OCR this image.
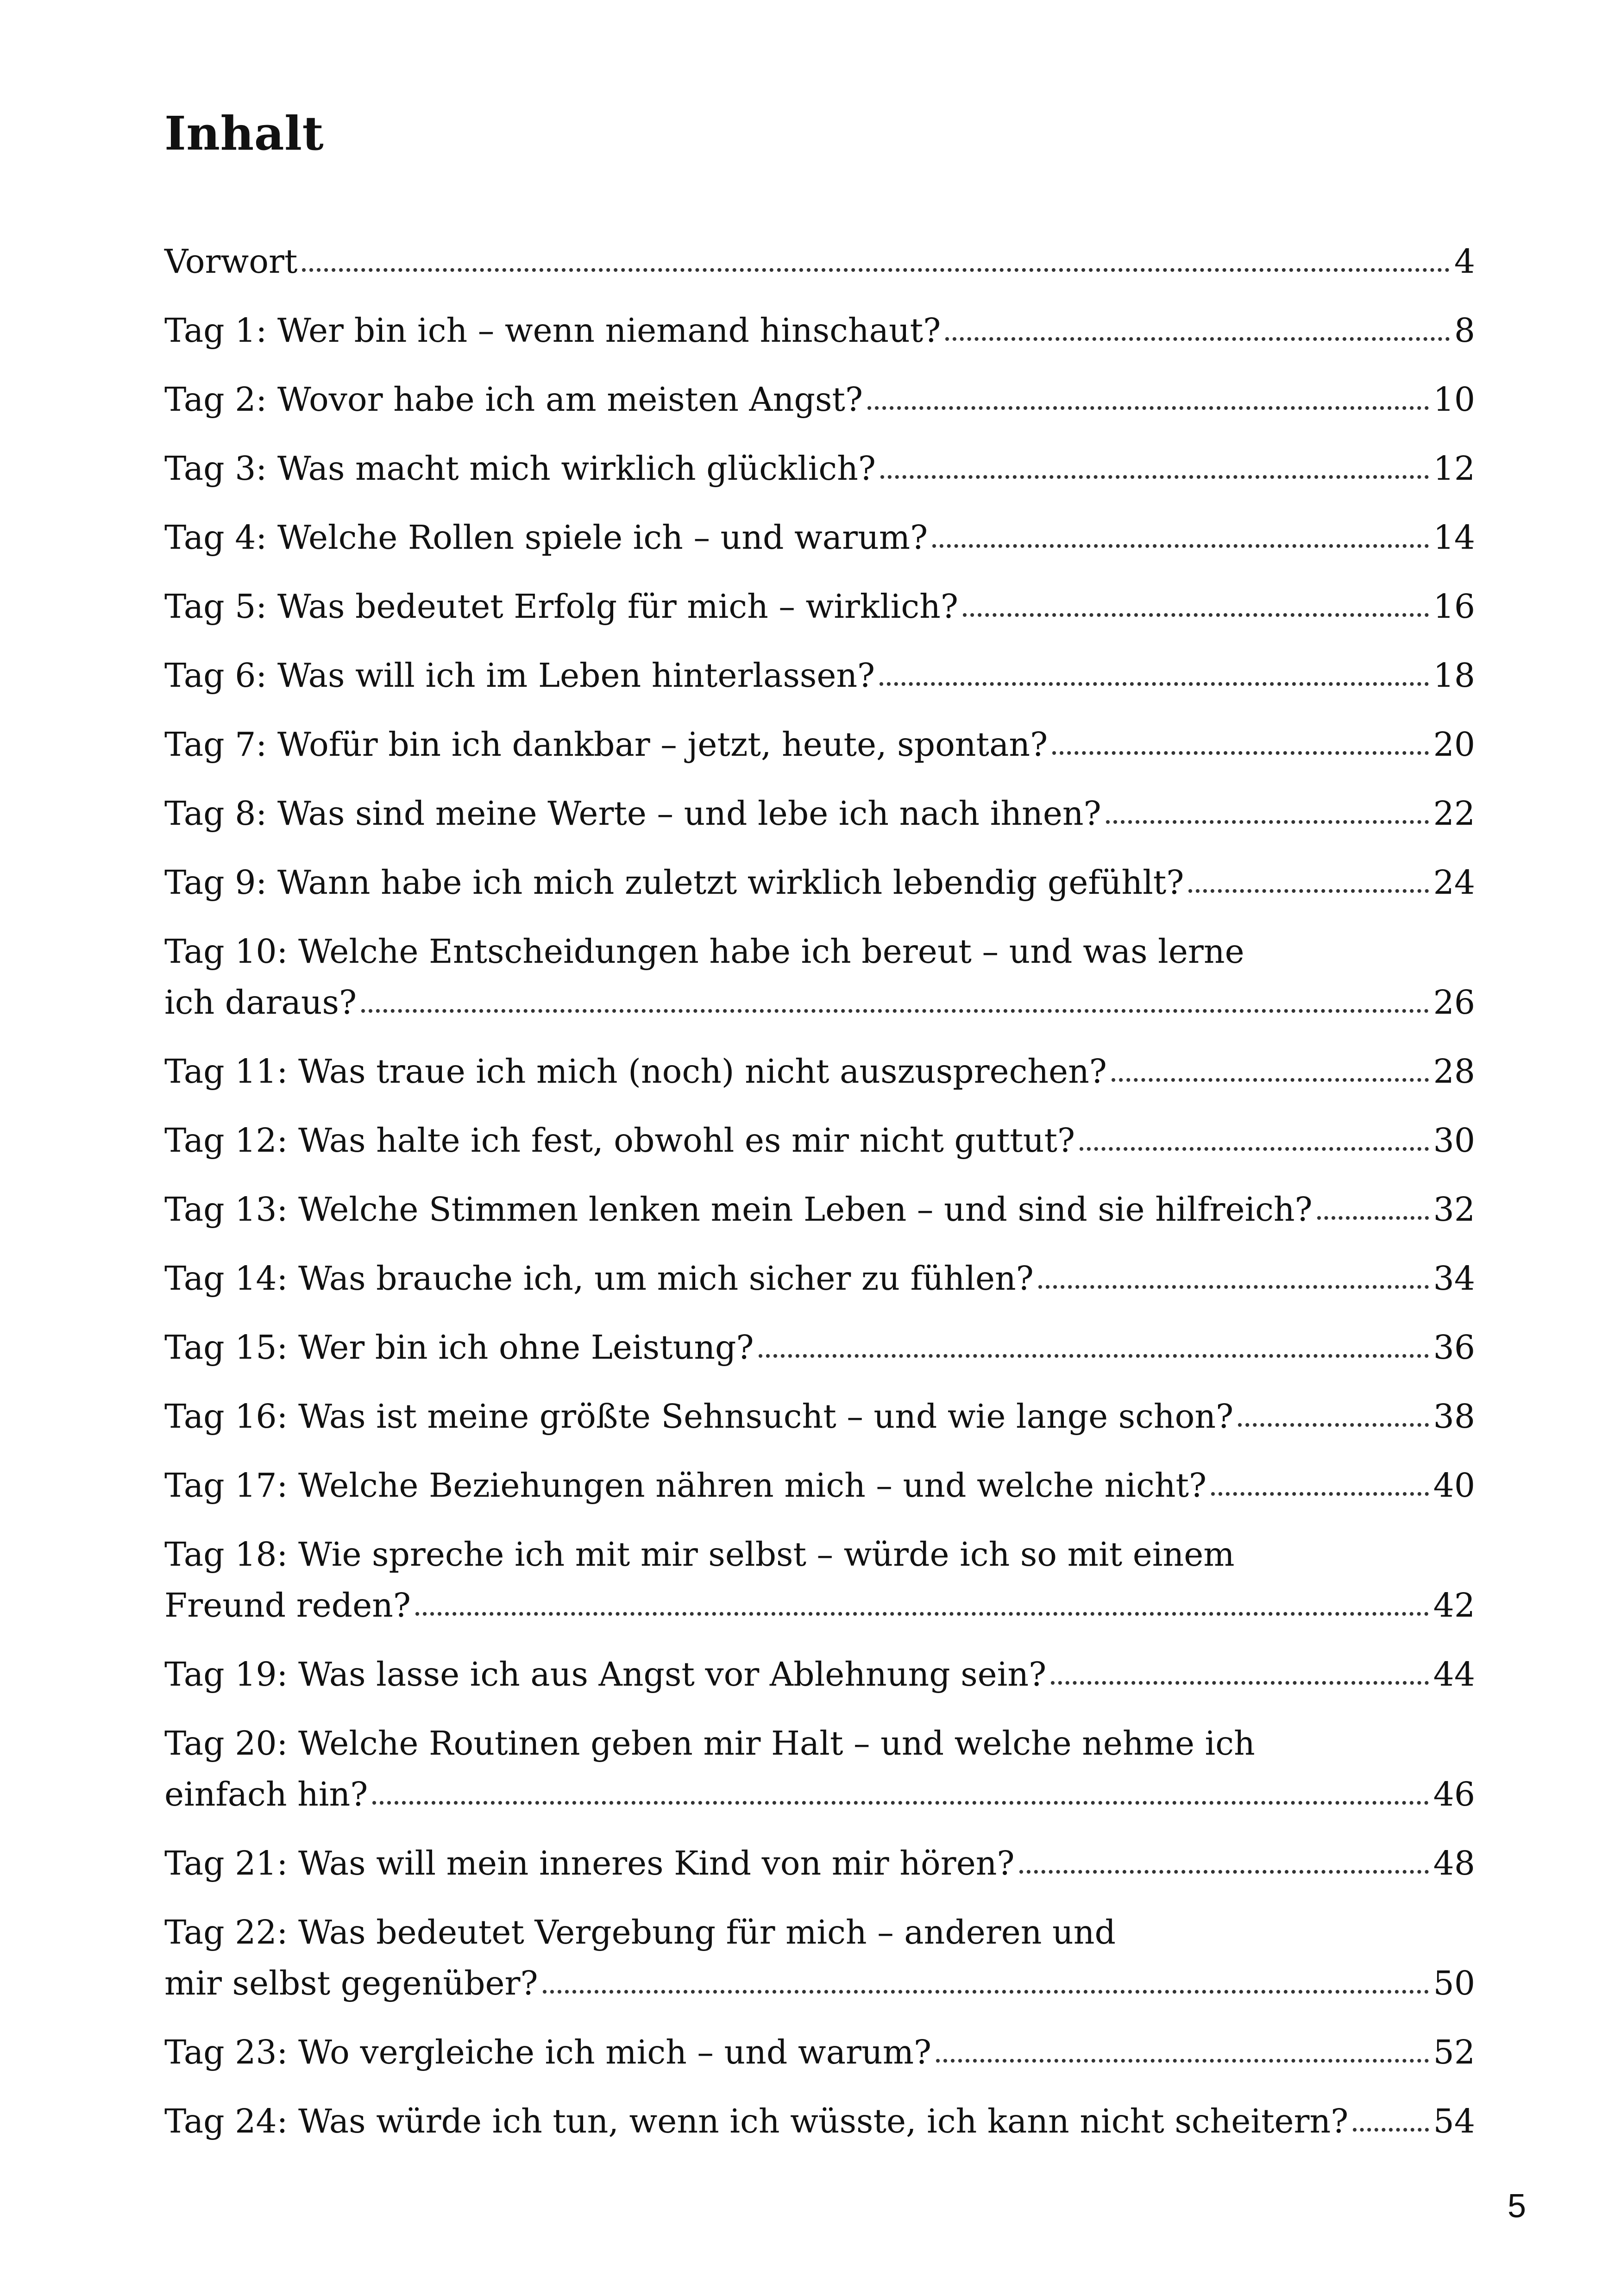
Inhalt
Vorwort	4
Tag 1: Wer bin ich – wenn niemand hinschaut?	8
Tag 2: Wovor habe ich am meisten Angst?	10
Tag 3: Was macht mich wirklich glücklich?	12
Tag 4: Welche Rollen spiele ich – und warum?	14
Tag 5: Was bedeutet Erfolg für mich – wirklich?	16
Tag 6: Was will ich im Leben hinterlassen?	18
Tag 7: Wofür bin ich dankbar – jetzt, heute, spontan?	20
Tag 8: Was sind meine Werte – und lebe ich nach ihnen?	22
Tag 9: Wann habe ich mich zuletzt wirklich lebendig gefühlt?	24
Tag 10: Welche Entscheidungen habe ich bereut – und was lerne
ich daraus?	26
Tag 11: Was traue ich mich (noch) nicht auszusprechen?	28
Tag 12: Was halte ich fest, obwohl es mir nicht guttut?	30
Tag 13: Welche Stimmen lenken mein Leben – und sind sie hilfreich?	32
Tag 14: Was brauche ich, um mich sicher zu fühlen?	34
Tag 15: Wer bin ich ohne Leistung?	36
Tag 16: Was ist meine größte Sehnsucht – und wie lange schon?	38
Tag 17: Welche Beziehungen nähren mich – und welche nicht?	40
Tag 18: Wie spreche ich mit mir selbst – würde ich so mit einem
Freund reden?	42
Tag 19: Was lasse ich aus Angst vor Ablehnung sein?	44
Tag 20: Welche Routinen geben mir Halt – und welche nehme ich
einfach hin?	46
Tag 21: Was will mein inneres Kind von mir hören?	48
Tag 22: Was bedeutet Vergebung für mich – anderen und
mir selbst gegenüber?	50
Tag 23: Wo vergleiche ich mich – und warum?	52
Tag 24: Was würde ich tun, wenn ich wüsste, ich kann nicht scheitern?	54
5
